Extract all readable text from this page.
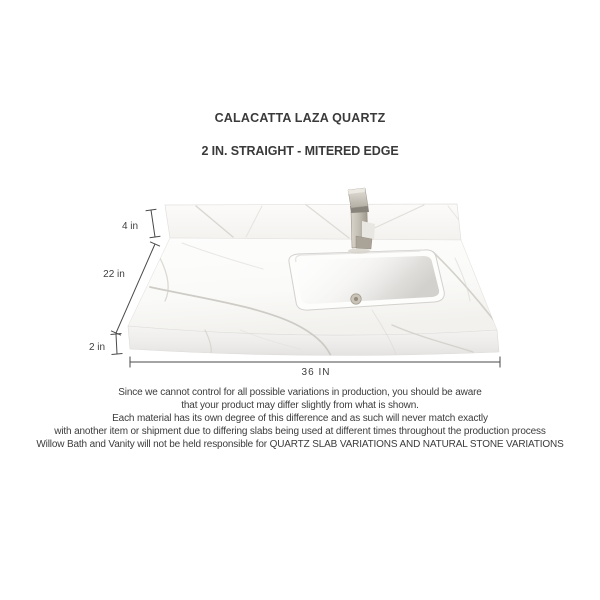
CALACATTA LAZA QUARTZ
2 IN. STRAIGHT - MITERED EDGE
4 in
22 in
2 in
36 IN
Since we cannot control for all possible variations in production, you should be aware
that your product may differ slightly from what is shown.
Each material has its own degree of this difference and as such will never match exactly
with another item or shipment due to differing slabs being used at different times throughout the production process
Willow Bath and Vanity will not be held responsible for QUARTZ SLAB VARIATIONS AND NATURAL STONE VARIATIONS
